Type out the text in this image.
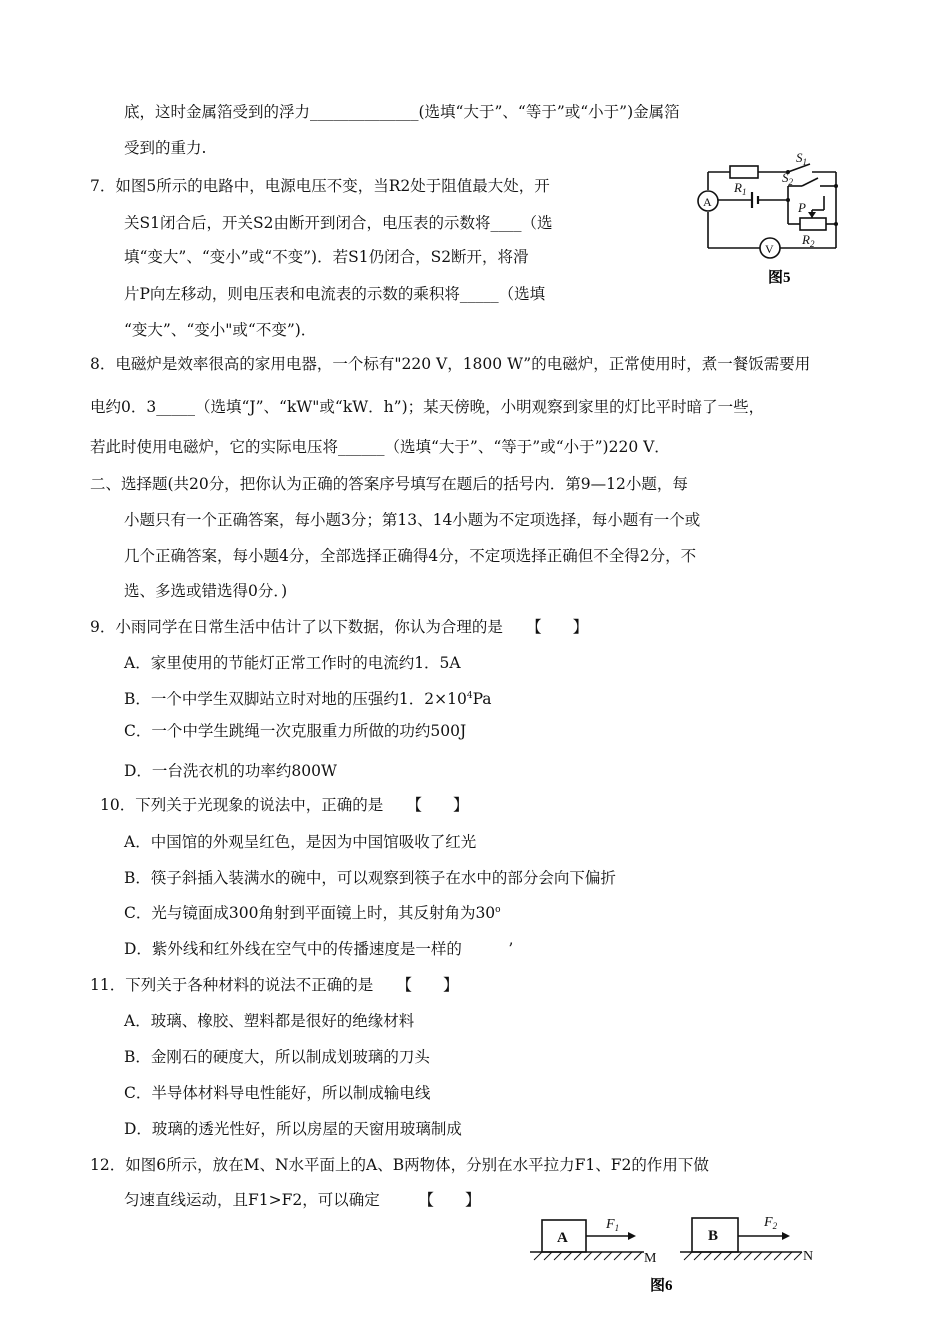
底，这时金属箔受到的浮力______________(选填“大于”、“等于”或“小于”)金属箔
受到的重力.
7．如图5所示的电路中，电源电压不变，当R2处于阻值最大处，开
关S1闭合后，开关S2由断开到闭合，电压表的示数将____（选
填“变大”、“变小”或“不变”)．若S1仍闭合，S2断开，将滑
片P向左移动，则电压表和电流表的示数的乘积将_____（选填
“变大”、“变小"或“不变”)．
8．电磁炉是效率很高的家用电器，一个标有"220 V，1800 W”的电磁炉，正常使用时，煮一餐饭需要用
电约0．3_____（选填“J”、“kW"或“kW．h”)；某天傍晚，小明观察到家里的灯比平时暗了一些，
若此时使用电磁炉，它的实际电压将______（选填“大于”、“等于”或“小于”)220 V．
二、选择题(共20分，把你认为正确的答案序号填写在题后的括号内．第9—12小题，每
小题只有一个正确答案，每小题3分；第13、14小题为不定项选择，每小题有一个或
几个正确答案，每小题4分，全部选择正确得4分，不定项选择正确但不全得2分，不
选、多选或错选得0分．)
9．小雨同学在日常生活中估计了以下数据，你认为合理的是　　【　　】
A．家里使用的节能灯正常工作时的电流约1．5A
B．一个中学生双脚站立时对地的压强约1．$2\times 10^4Pa$
C．一个中学生跳绳一次克服重力所做的功约500J
D．一台洗衣机的功率约800W
10．下列关于光现象的说法中，正确的是　　【　　】
A．中国馆的外观呈红色，是因为中国馆吸收了红光
B．筷子斜插入装满水的碗中，可以观察到筷子在水中的部分会向下偏折
C．光与镜面成300角射到平面镜上时，其反射角为30$^o$
D．紫外线和红外线在空气中的传播速度是一样的　　　’
11．下列关于各种材料的说法不正确的是　　【　　】
A．玻璃、橡胶、塑料都是很好的绝缘材料
B．金刚石的硬度大，所以制成划玻璃的刀头
C．半导体材料导电性能好，所以制成输电线
D．玻璃的透光性好，所以房屋的天窗用玻璃制成
12．如图6所示，放在M、N水平面上的A、B两物体，分别在水平拉力F1、F2的作用下做
匀速直线运动，且F1>F2，可以确定　　　【　　】
A
V
$R_1$
$S_1$
$S_2$
P
$R_2$
图5
A	B
$F_1$	$F_2$
M	N
图6
